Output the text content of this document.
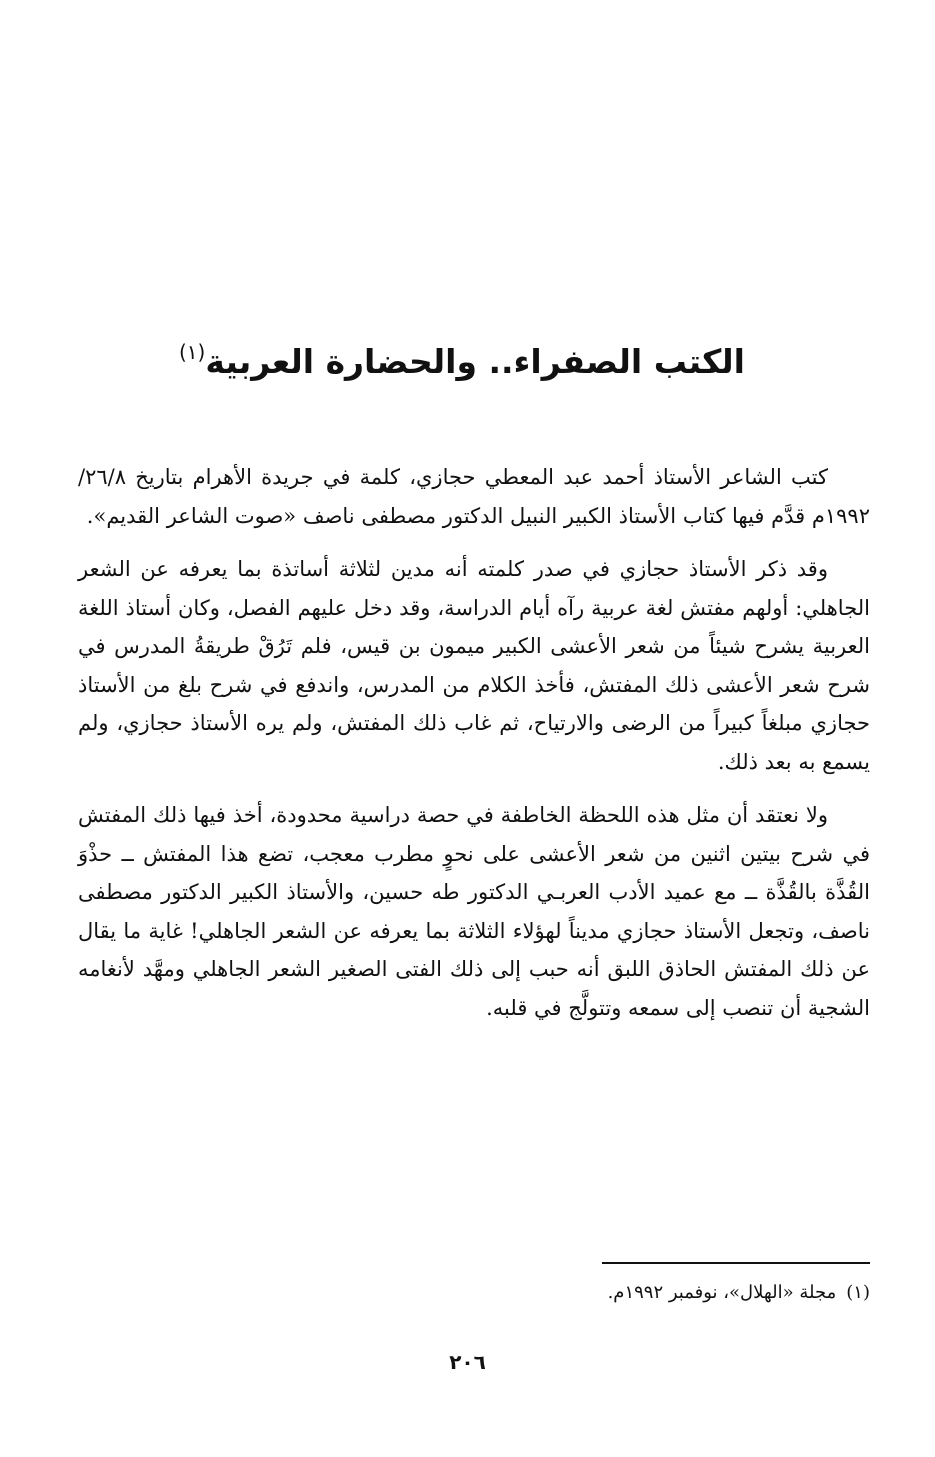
الكتب الصفراء.. والحضارة العربية$^{(١)}$

كتب الشاعر الأستاذ أحمد عبد المعطي حجازي، كلمة في جريدة الأهرام بتاريخ ٢٦/٨/ ١٩٩٢م قدَّم فيها كتاب الأستاذ الكبير النبيل الدكتور مصطفى ناصف «صوت الشاعر القديم».

وقد ذكر الأستاذ حجازي في صدر كلمته أنه مدين لثلاثة أساتذة بما يعرفه عن الشعر الجاهلي: أولهم مفتش لغة عربية رآه أيام الدراسة، وقد دخل عليهم الفصل، وكان أستاذ اللغة العربية يشرح شيئاً من شعر الأعشى الكبير ميمون بن قيس، فلم تَرُقْ طريقةُ المدرس في شرح شعر الأعشى ذلك المفتش، فأخذ الكلام من المدرس، واندفع في شرح بلغ من الأستاذ حجازي مبلغاً كبيراً من الرضى والارتياح، ثم غاب ذلك المفتش، ولم يره الأستاذ حجازي، ولم يسمع به بعد ذلك.

ولا نعتقد أن مثل هذه اللحظة الخاطفة في حصة دراسية محدودة، أخذ فيها ذلك المفتش في شرح بيتين اثنين من شعر الأعشى على نحوٍ مطرب معجب، تضع هذا المفتش ــ حذْوَ القُذَّة بالقُذَّة ــ مع عميد الأدب العربـي الدكتور طه حسين، والأستاذ الكبير الدكتور مصطفى ناصف، وتجعل الأستاذ حجازي مديناً لهؤلاء الثلاثة بما يعرفه عن الشعر الجاهلي! غاية ما يقال عن ذلك المفتش الحاذق اللبق أنه حبب إلى ذلك الفتى الصغير الشعر الجاهلي ومهَّد لأنغامه الشجية أن تنصب إلى سمعه وتتولَّج في قلبه.

(١)مجلة «الهلال»، نوفمبر ١٩٩٢م.
٢٠٦
